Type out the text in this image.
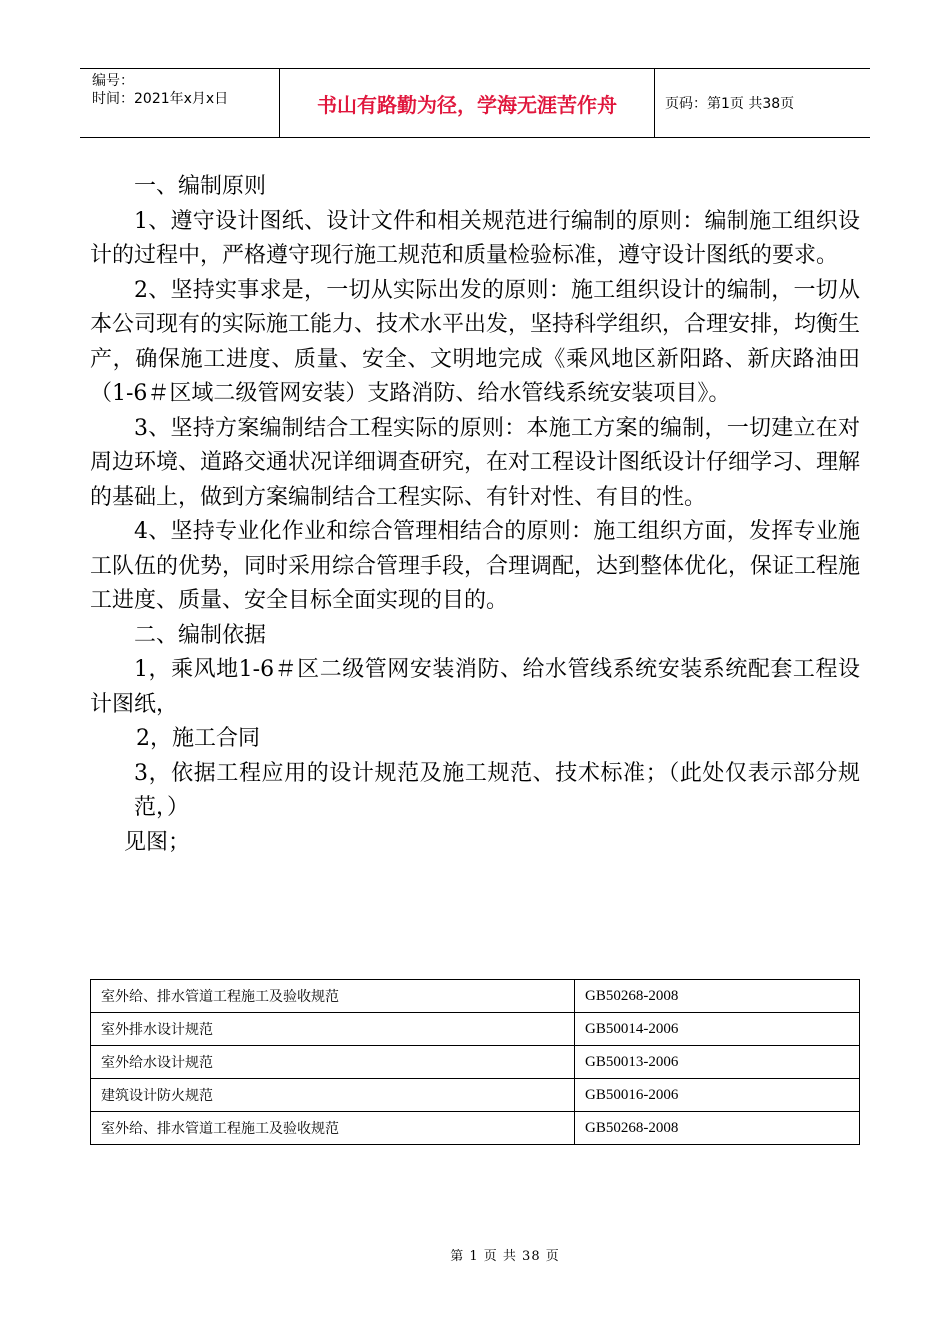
编号：
时间：2021年x月x日	书山有路勤为径，学海无涯苦作舟	页码：第1页 共38页

一、编制原则

1、遵守设计图纸、设计文件和相关规范进行编制的原则：编制施工组织设计的过程中，严格遵守现行施工规范和质量检验标准，遵守设计图纸的要求。

2、坚持实事求是，一切从实际出发的原则：施工组织设计的编制，一切从本公司现有的实际施工能力、技术水平出发，坚持科学组织，合理安排，均衡生产，确保施工进度、质量、安全、文明地完成《乘风地区新阳路、新庆路油田（1-6＃区域二级管网安装）支路消防、给水管线系统安装项目》。

3、坚持方案编制结合工程实际的原则：本施工方案的编制，一切建立在对周边环境、道路交通状况详细调查研究，在对工程设计图纸设计仔细学习、理解的基础上，做到方案编制结合工程实际、有针对性、有目的性。

4、坚持专业化作业和综合管理相结合的原则：施工组织方面，发挥专业施工队伍的优势，同时采用综合管理手段，合理调配，达到整体优化，保证工程施工进度、质量、安全目标全面实现的目的。

二、编制依据

1，乘风地1-6＃区二级管网安装消防、给水管线系统安装系统配套工程设计图纸，

2，施工合同

3，依据工程应用的设计规范及施工规范、技术标准；（此处仅表示部分规范，）

见图；

室外给、排水管道工程施工及验收规范	GB50268-2008
室外排水设计规范	GB50014-2006
室外给水设计规范	GB50013-2006
建筑设计防火规范	GB50016-2006
室外给、排水管道工程施工及验收规范	GB50268-2008
第 1 页 共 38 页
